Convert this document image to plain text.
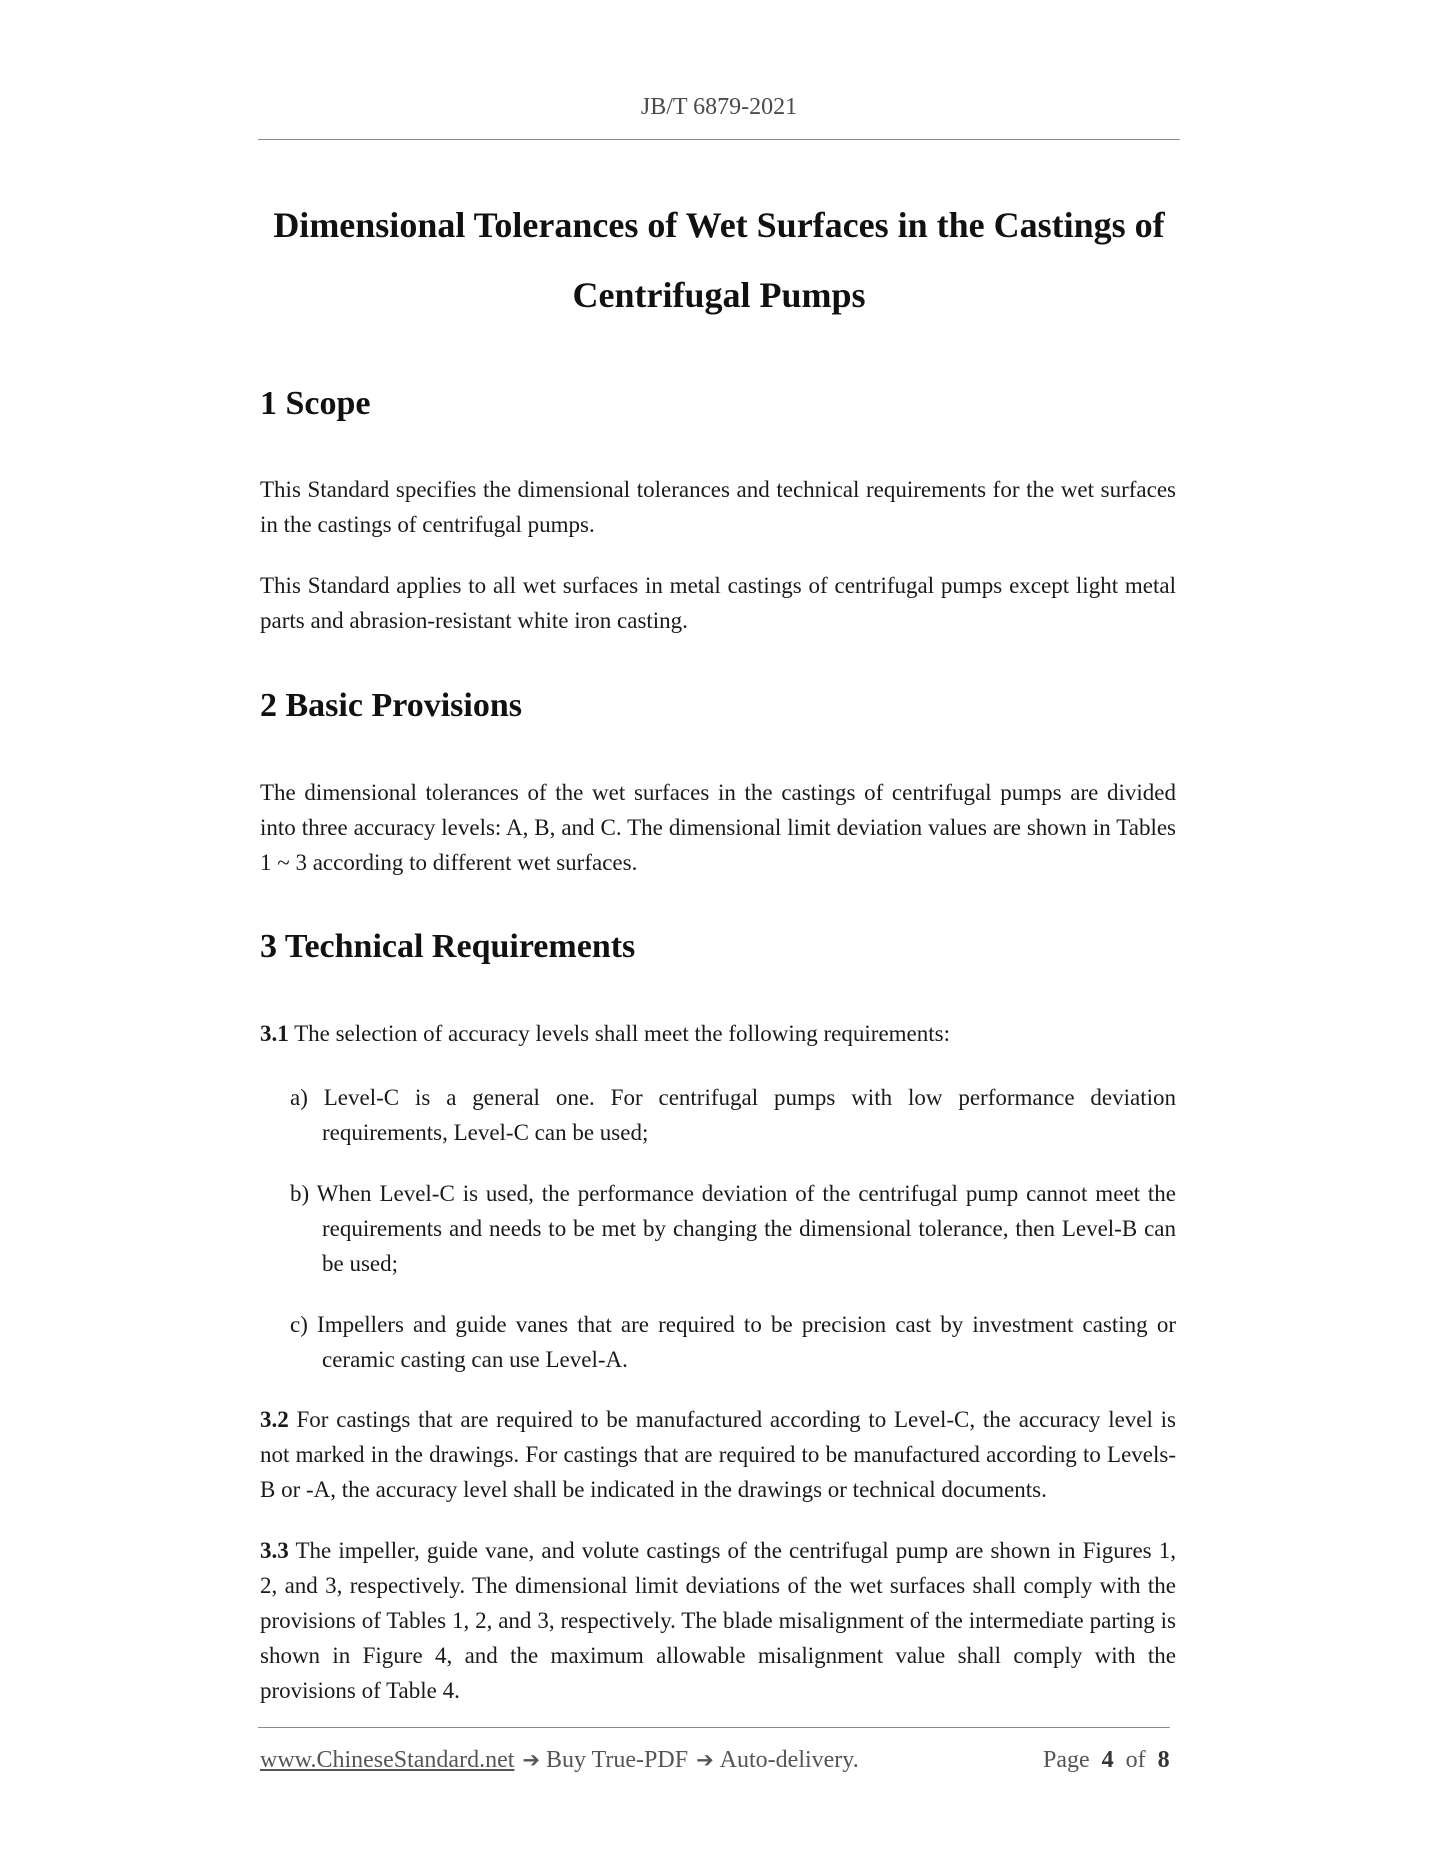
JB/T 6879-2021
Dimensional Tolerances of Wet Surfaces in the Castings of
Centrifugal Pumps
1 Scope

This Standard specifies the dimensional tolerances and technical requirements for the wet surfaces in the castings of centrifugal pumps.

This Standard applies to all wet surfaces in metal castings of centrifugal pumps except light metal parts and abrasion-resistant white iron casting.

2 Basic Provisions

The dimensional tolerances of the wet surfaces in the castings of centrifugal pumps are divided into three accuracy levels: A, B, and C. The dimensional limit deviation values are shown in Tables 1 ~ 3 according to different wet surfaces.

3 Technical Requirements

3.1 The selection of accuracy levels shall meet the following requirements:

a) Level-C is a general one. For centrifugal pumps with low performance deviation requirements, Level-C can be used;

b) When Level-C is used, the performance deviation of the centrifugal pump cannot meet the requirements and needs to be met by changing the dimensional tolerance, then Level-B can be used;

c) Impellers and guide vanes that are required to be precision cast by investment casting or ceramic casting can use Level-A.

3.2 For castings that are required to be manufactured according to Level-C, the accuracy level is not marked in the drawings. For castings that are required to be manufactured according to Levels-B or -A, the accuracy level shall be indicated in the drawings or technical documents.

3.3 The impeller, guide vane, and volute castings of the centrifugal pump are shown in Figures 1, 2, and 3, respectively. The dimensional limit deviations of the wet surfaces shall comply with the provisions of Tables 1, 2, and 3, respectively. The blade misalignment of the intermediate parting is shown in Figure 4, and the maximum allowable misalignment value shall comply with the provisions of Table 4.

www.ChineseStandard.net ➔ Buy True-PDF ➔ Auto-delivery.	Page 4 of 8
